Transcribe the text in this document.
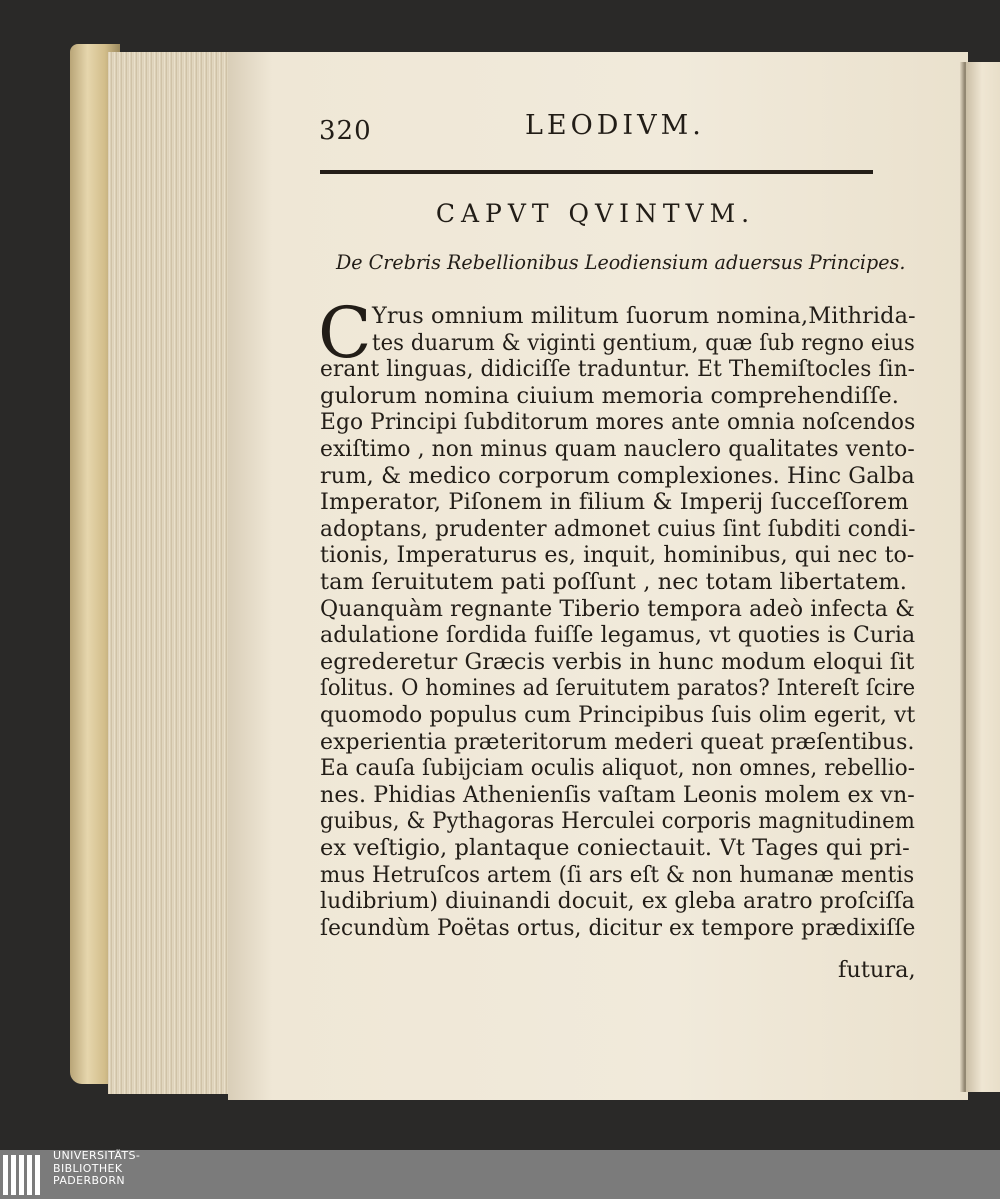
320	LEODIVM.
CAPVT QVINTVM.
De Crebris Rebellionibus Leodiensium aduersus Principes.
C Yrus omnium militum ſuorum nomina,Mithrida-
tes duarum & viginti gentium, quæ ſub regno eius
erant linguas, didiciſſe traduntur. Et Themiſtocles ſin-
gulorum nomina ciuium memoria comprehendiſſe.
Ego Principi ſubditorum mores ante omnia noſcendos
exiſtimo , non minus quam nauclero qualitates vento-
rum, & medico corporum complexiones. Hinc Galba
Imperator, Piſonem in filium & Imperij ſucceſſorem
adoptans, prudenter admonet cuius ſint ſubditi condi-
tionis, Imperaturus es, inquit, hominibus, qui nec to-
tam ſeruitutem pati poſſunt , nec totam libertatem.
Quanquàm regnante Tiberio tempora adeò infecta &
adulatione ſordida fuiſſe legamus, vt quoties is Curia
egrederetur Græcis verbis in hunc modum eloqui ſit
ſolitus. O homines ad ſeruitutem paratos? Intereſt ſcire
quomodo populus cum Principibus ſuis olim egerit, vt
experientia præteritorum mederi queat præſentibus.
Ea cauſa ſubijciam oculis aliquot, non omnes, rebellio-
nes. Phidias Athenienſis vaſtam Leonis molem ex vn-
guibus, & Pythagoras Herculei corporis magnitudinem
ex veſtigio, plantaque coniectauit. Vt Tages qui pri-
mus Hetruſcos artem (ſi ars eſt & non humanæ mentis
ludibrium) diuinandi docuit, ex gleba aratro proſciſſa
ſecundùm Poëtas ortus, dicitur ex tempore prædixiſſe
futura,
UNIVERSITÄTS-
BIBLIOTHEK
PADERBORN
